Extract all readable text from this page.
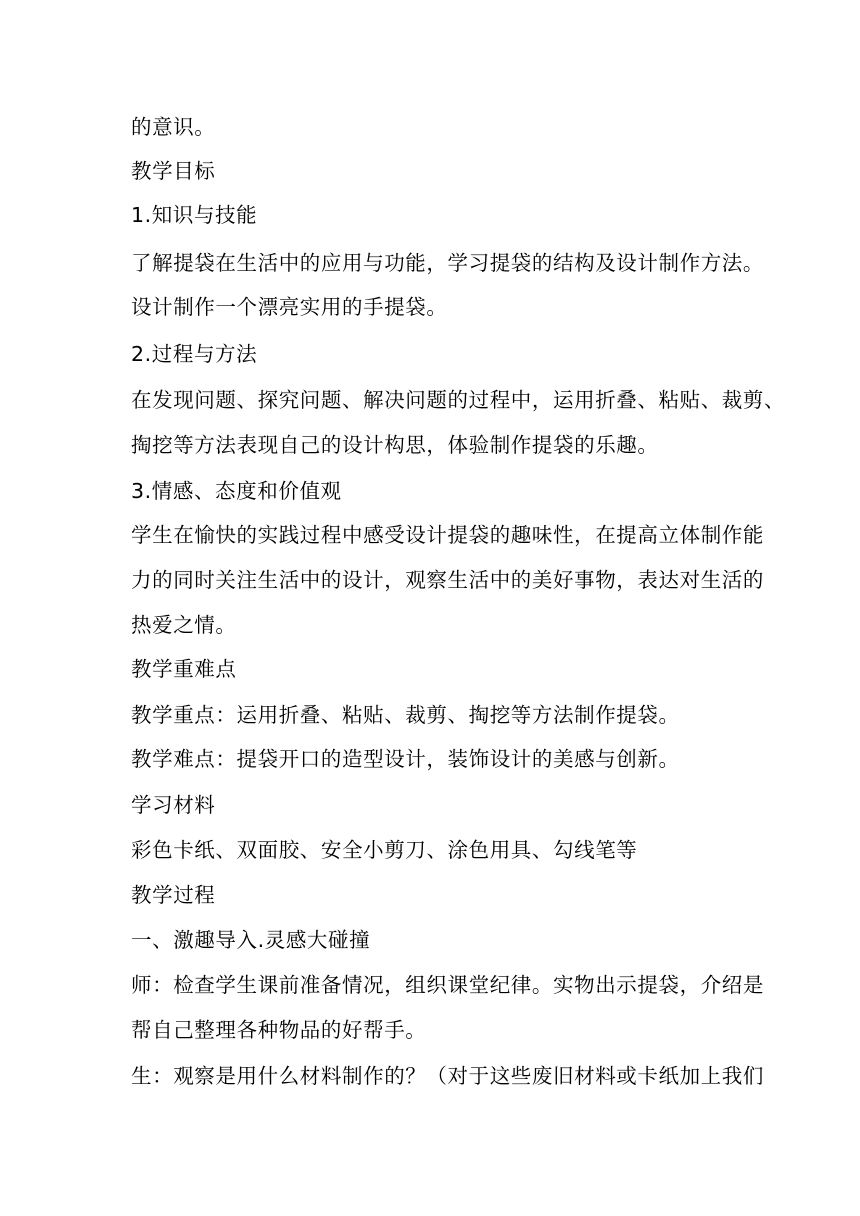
的意识。
教学目标
1.知识与技能
了解提袋在生活中的应用与功能，学习提袋的结构及设计制作方法。
设计制作一个漂亮实用的手提袋。
2.过程与方法
在发现问题、探究问题、解决问题的过程中，运用折叠、粘贴、裁剪、
掏挖等方法表现自己的设计构思，体验制作提袋的乐趣。
3.情感、态度和价值观
学生在愉快的实践过程中感受设计提袋的趣味性，在提高立体制作能
力的同时关注生活中的设计，观察生活中的美好事物，表达对生活的
热爱之情。
教学重难点
教学重点：运用折叠、粘贴、裁剪、掏挖等方法制作提袋。
教学难点：提袋开口的造型设计，装饰设计的美感与创新。
学习材料
彩色卡纸、双面胶、安全小剪刀、涂色用具、勾线笔等
教学过程
一、激趣导入.灵感大碰撞
师：检查学生课前准备情况，组织课堂纪律。实物出示提袋，介绍是
帮自己整理各种物品的好帮手。
生：观察是用什么材料制作的？（对于这些废旧材料或卡纸加上我们
